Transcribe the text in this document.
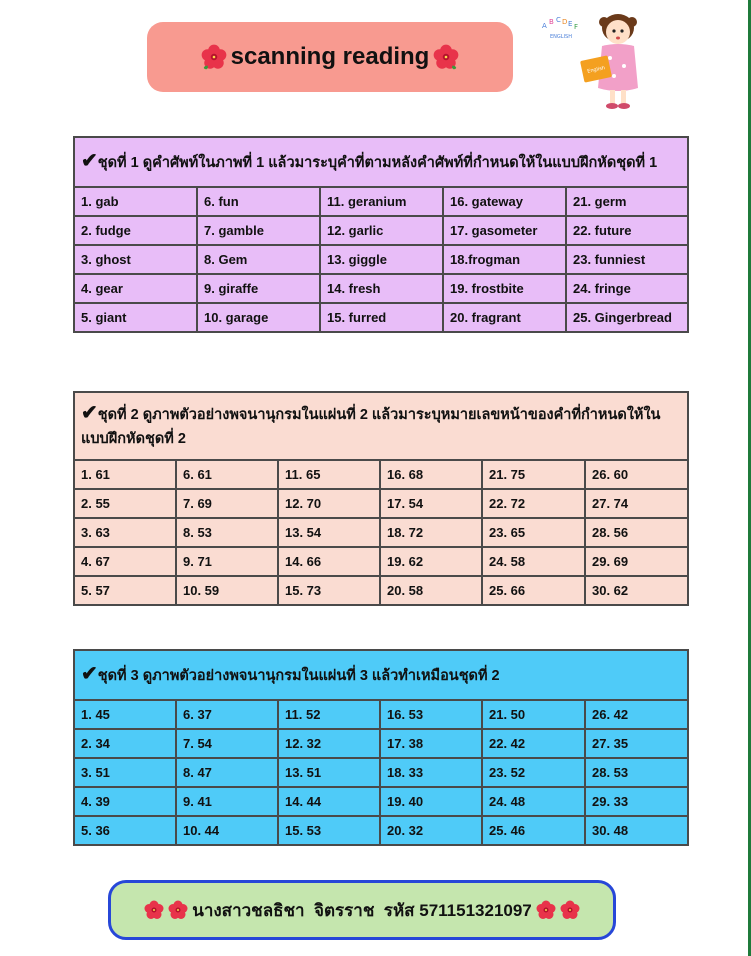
scanning reading
A B C D E F
ENGLISH
English
✔ชุดที่ 1 ดูคำศัพท์ในภาพที่ 1 แล้วมาระบุคำที่ตามหลังคำศัพท์ที่กำหนดให้ในแบบฝึกหัดชุดที่ 1				
1. gab	6. fun	11. geranium	16. gateway	21. germ
2. fudge	7. gamble	12. garlic	17. gasometer	22. future
3. ghost	8. Gem	13. giggle	18.frogman	23. funniest
4. gear	9. giraffe	14. fresh	19. frostbite	24. fringe
5. giant	10. garage	15. furred	20. fragrant	25. Gingerbread
✔ชุดที่ 2 ดูภาพตัวอย่างพจนานุกรมในแผ่นที่ 2 แล้วมาระบุหมายเลขหน้าของคำที่กำหนดให้ในแบบฝึกหัดชุดที่ 2					
1. 61	6. 61	11. 65	16. 68	21. 75	26. 60
2. 55	7. 69	12. 70	17. 54	22. 72	27. 74
3. 63	8. 53	13. 54	18. 72	23. 65	28. 56
4. 67	9. 71	14. 66	19. 62	24. 58	29. 69
5. 57	10. 59	15. 73	20. 58	25. 66	30. 62
✔ชุดที่ 3 ดูภาพตัวอย่างพจนานุกรมในแผ่นที่ 3 แล้วทำเหมือนชุดที่ 2					
1. 45	6. 37	11. 52	16. 53	21. 50	26. 42
2. 34	7. 54	12. 32	17. 38	22. 42	27. 35
3. 51	8. 47	13. 51	18. 33	23. 52	28. 53
4. 39	9. 41	14. 44	19. 40	24. 48	29. 33
5. 36	10. 44	15. 53	20. 32	25. 46	30. 48
นางสาวชลธิชา  จิตรราช  รหัส 571151321097
